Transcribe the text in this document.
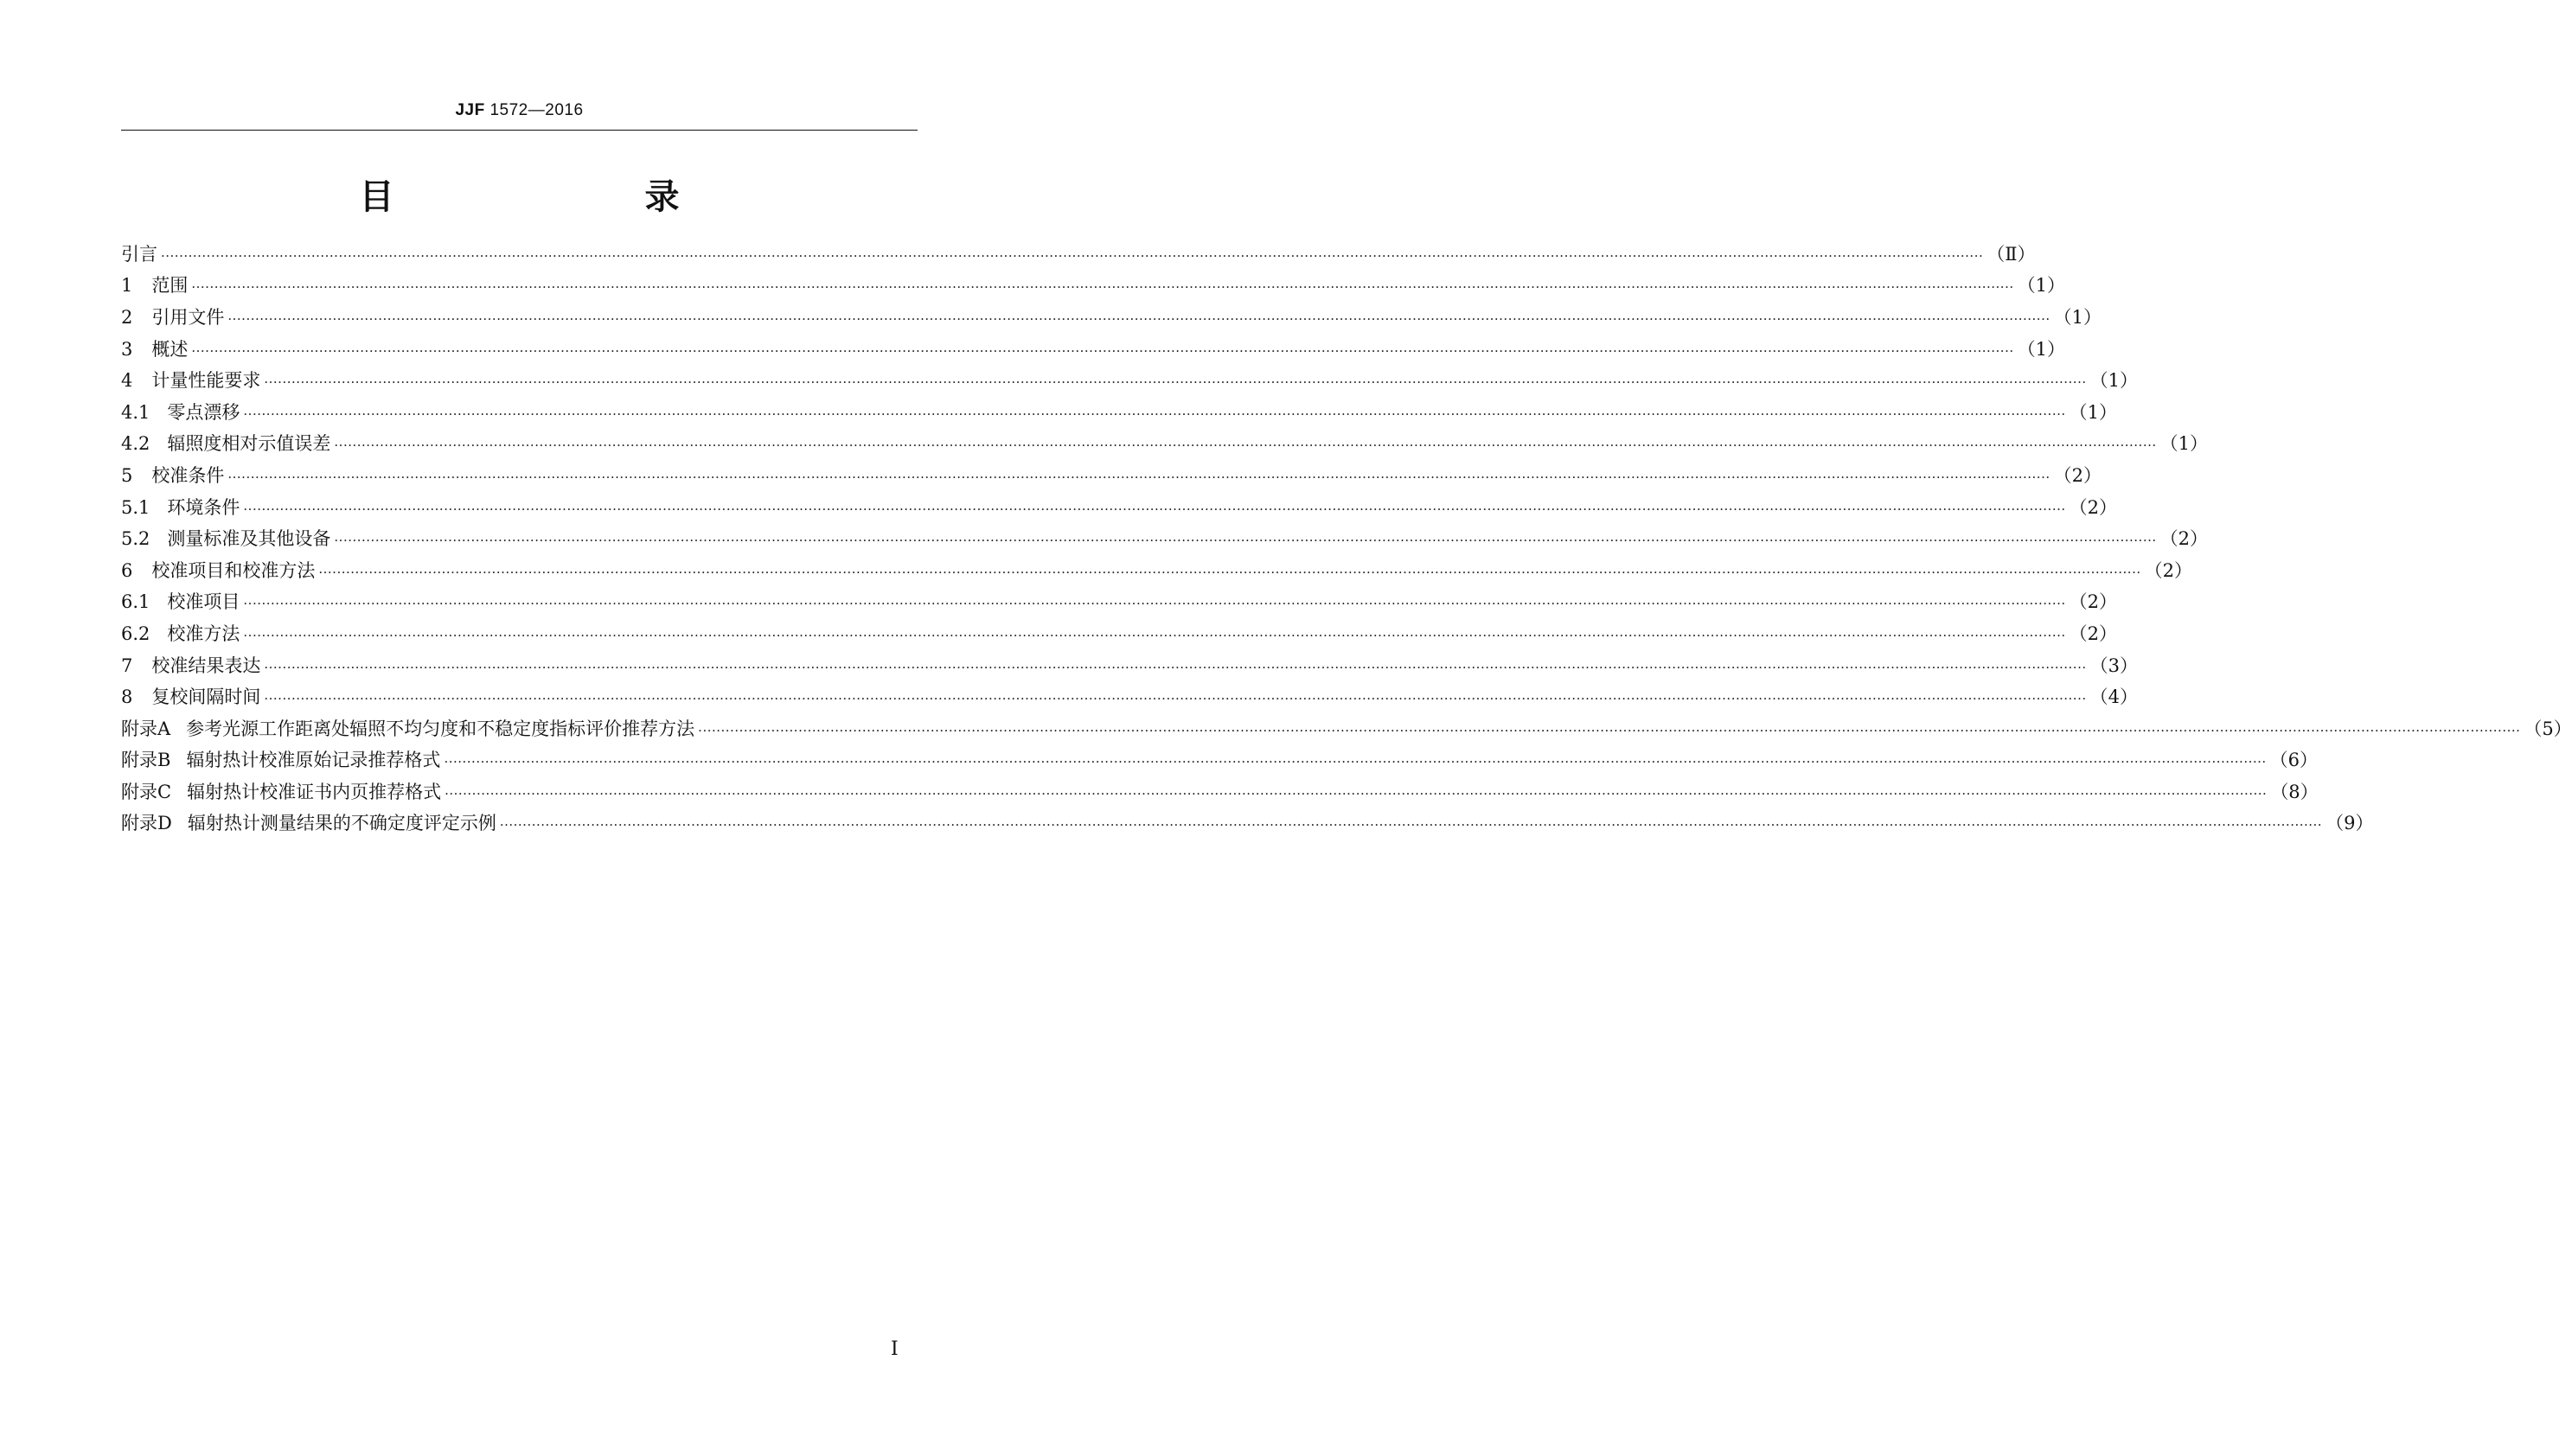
JJF 1572—2016
目　　录
引言 ················································································································································································································································································································································································································ （Ⅱ）
1 范围 ················································································································································································································································································································································································································ （1）
2 引用文件 ················································································································································································································································································································································································································ （1）
3 概述 ················································································································································································································································································································································································································ （1）
4 计量性能要求 ················································································································································································································································································································································································································ （1）
4.1 零点漂移 ················································································································································································································································································································································································································ （1）
4.2 辐照度相对示值误差 ················································································································································································································································································································································································································ （1）
5 校准条件 ················································································································································································································································································································································································································ （2）
5.1 环境条件 ················································································································································································································································································································································································································ （2）
5.2 测量标准及其他设备 ················································································································································································································································································································································································································ （2）
6 校准项目和校准方法 ················································································································································································································································································································································································································ （2）
6.1 校准项目 ················································································································································································································································································································································································································ （2）
6.2 校准方法 ················································································································································································································································································································································································································ （2）
7 校准结果表达 ················································································································································································································································································································································································································ （3）
8 复校间隔时间 ················································································································································································································································································································································································································ （4）
附录A 参考光源工作距离处辐照不均匀度和不稳定度指标评价推荐方法 ················································································································································································································································································································································································································ （5）
附录B 辐射热计校准原始记录推荐格式 ················································································································································································································································································································································································································ （6）
附录C 辐射热计校准证书内页推荐格式 ················································································································································································································································································································································································································ （8）
附录D 辐射热计测量结果的不确定度评定示例 ················································································································································································································································································································································································································ （9）
Ⅰ
